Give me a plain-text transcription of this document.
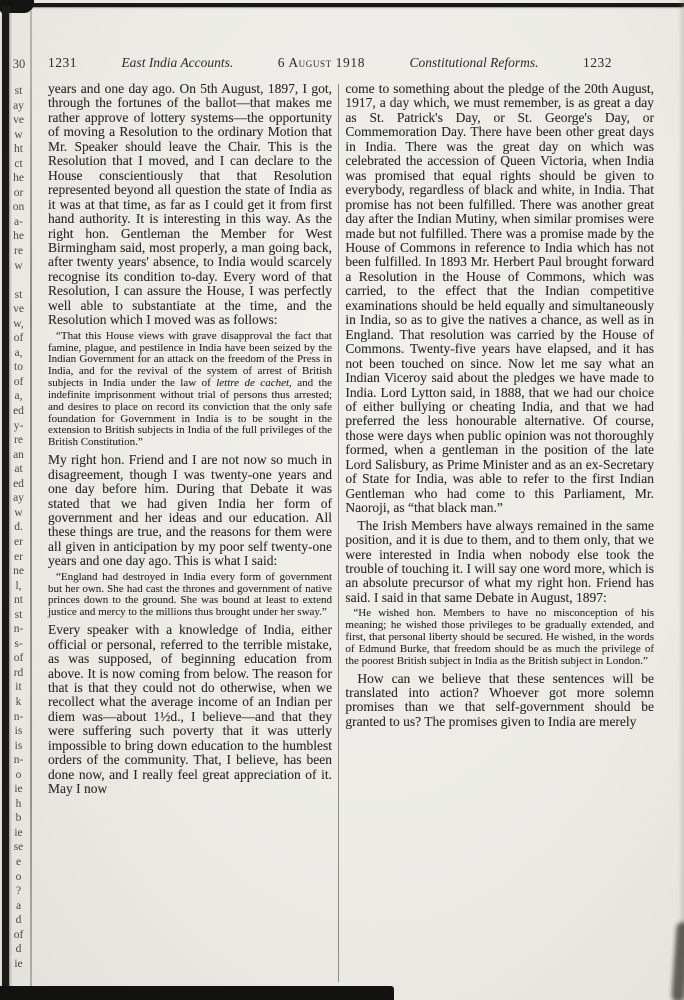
30
st
ay
ve
w
ht
ct
he
or
on
a-
he
re
w
st
ve
w,
of
a,
to
of
a,
ed
y-
re
an
at
ed
ay
w
d.
er
er
ne
l,
nt
st
n-
s-
of
rd
it
k
n-
is
is
n-
o
ie
h
b
ie
se
e
o
?
a
d
of
d
ie
1231	East India Accounts.	6 August 1918	Constitutional Reforms.	1232

years and one day ago. On 5th August, 1897, I got, through the fortunes of the ballot—that makes me rather approve of lottery systems—the opportunity of moving a Resolution to the ordinary Motion that Mr. Speaker should leave the Chair. This is the Resolution that I moved, and I can declare to the House conscientiously that that Resolution represented beyond all question the state of India as it was at that time, as far as I could get it from first hand authority. It is interesting in this way. As the right hon. Gentleman the Member for West Birmingham said, most properly, a man going back, after twenty years' absence, to India would scarcely recognise its condition to-day. Every word of that Resolution, I can assure the House, I was perfectly well able to substantiate at the time, and the Resolution which I moved was as follows:

“That this House views with grave disapproval the fact that famine, plague, and pestilence in India have been seized by the Indian Government for an attack on the freedom of the Press in India, and for the revival of the system of arrest of British subjects in India under the law of lettre de cachet, and the indefinite imprisonment without trial of persons thus arrested; and desires to place on record its conviction that the only safe foundation for Government in India is to be sought in the extension to British subjects in India of the full privileges of the British Constitution.”

My right hon. Friend and I are not now so much in disagreement, though I was twenty-one years and one day before him. During that Debate it was stated that we had given India her form of government and her ideas and our education. All these things are true, and the reasons for them were all given in anticipation by my poor self twenty-one years and one day ago. This is what I said:

“England had destroyed in India every form of government but her own. She had cast the thrones and government of native princes down to the ground. She was bound at least to extend justice and mercy to the millions thus brought under her sway.”

Every speaker with a knowledge of India, either official or personal, referred to the terrible mistake, as was supposed, of beginning education from above. It is now coming from below. The reason for that is that they could not do otherwise, when we recollect what the average income of an Indian per diem was—about 1½d., I believe—and that they were suffering such poverty that it was utterly impossible to bring down education to the humblest orders of the community. That, I believe, has been done now, and I really feel great appreciation of it. May I now

come to something about the pledge of the 20th August, 1917, a day which, we must remember, is as great a day as St. Patrick's Day, or St. George's Day, or Commemoration Day. There have been other great days in India. There was the great day on which was celebrated the accession of Queen Victoria, when India was promised that equal rights should be given to everybody, regardless of black and white, in India. That promise has not been fulfilled. There was another great day after the Indian Mutiny, when similar promises were made but not fulfilled. There was a promise made by the House of Commons in reference to India which has not been fulfilled. In 1893 Mr. Herbert Paul brought forward a Resolution in the House of Commons, which was carried, to the effect that the Indian competitive examinations should be held equally and simultaneously in India, so as to give the natives a chance, as well as in England. That resolution was carried by the House of Commons. Twenty-five years have elapsed, and it has not been touched on since. Now let me say what an Indian Viceroy said about the pledges we have made to India. Lord Lytton said, in 1888, that we had our choice of either bullying or cheating India, and that we had preferred the less honourable alternative. Of course, those were days when public opinion was not thoroughly formed, when a gentleman in the position of the late Lord Salisbury, as Prime Minister and as an ex-Secretary of State for India, was able to refer to the first Indian Gentleman who had come to this Parliament, Mr. Naoroji, as “that black man.”

The Irish Members have always remained in the same position, and it is due to them, and to them only, that we were interested in India when nobody else took the trouble of touching it. I will say one word more, which is an absolute precursor of what my right hon. Friend has said. I said in that same Debate in August, 1897:

“He wished hon. Members to have no misconception of his meaning; he wished those privileges to be gradually extended, and first, that personal liberty should be secured. He wished, in the words of Edmund Burke, that freedom should be as much the privilege of the poorest British subject in India as the British subject in London.”

How can we believe that these sentences will be translated into action? Whoever got more solemn promises than we that self-government should be granted to us? The promises given to India are merely
